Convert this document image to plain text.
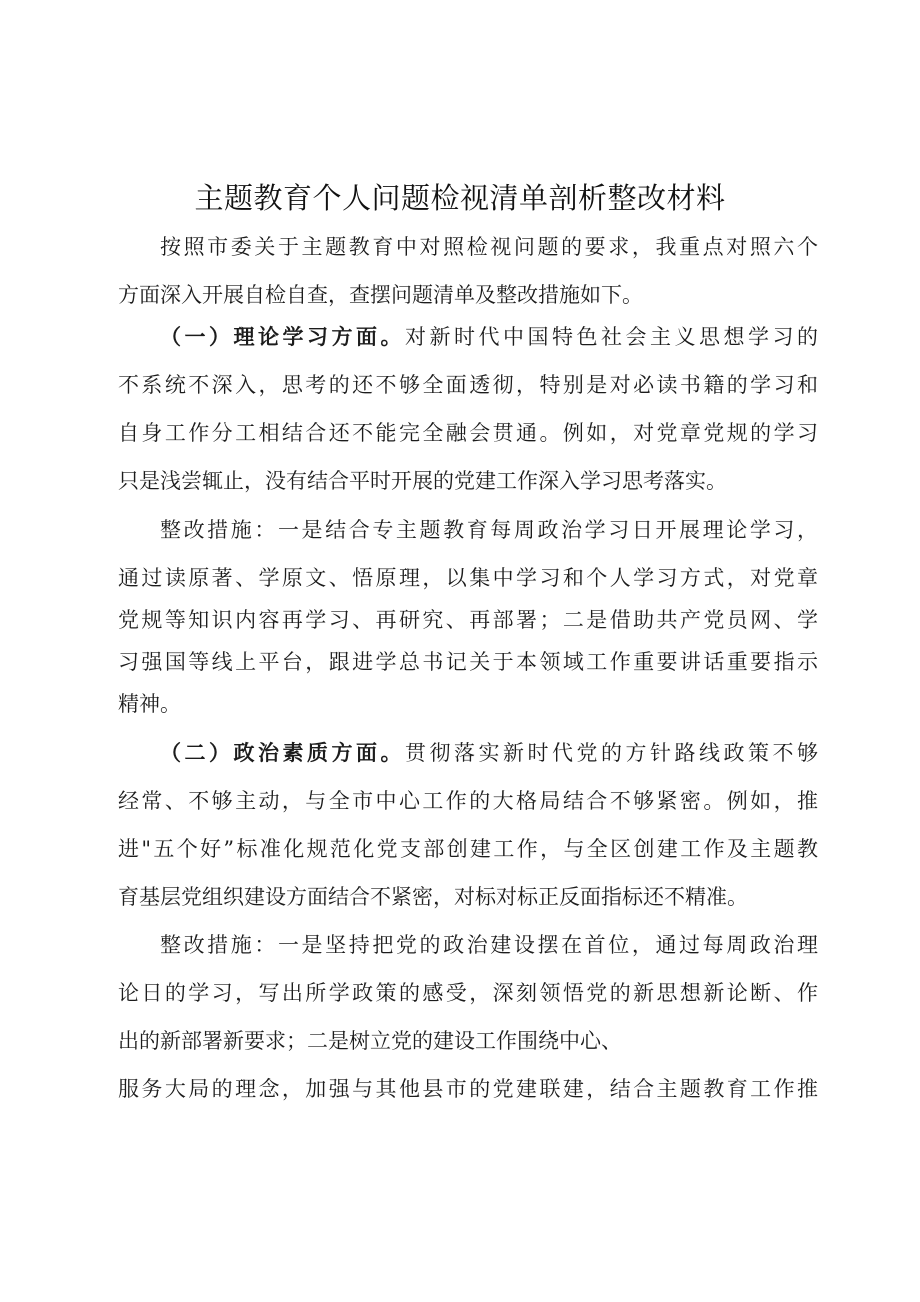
主题教育个人问题检视清单剖析整改材料
按照市委关于主题教育中对照检视问题的要求，我重点对照六个
方面深入开展自检自查，查摆问题清单及整改措施如下。
（一）理论学习方面。对新时代中国特色社会主义思想学习的
不系统不深入，思考的还不够全面透彻，特别是对必读书籍的学习和
自身工作分工相结合还不能完全融会贯通。例如，对党章党规的学习
只是浅尝辄止，没有结合平时开展的党建工作深入学习思考落实。
整改措施：一是结合专主题教育每周政治学习日开展理论学习，
通过读原著、学原文、悟原理，以集中学习和个人学习方式，对党章
党规等知识内容再学习、再研究、再部署；二是借助共产党员网、学
习强国等线上平台，跟进学总书记关于本领域工作重要讲话重要指示
精神。
（二）政治素质方面。贯彻落实新时代党的方针路线政策不够
经常、不够主动，与全市中心工作的大格局结合不够紧密。例如，推
进"五个好”标准化规范化党支部创建工作，与全区创建工作及主题教
育基层党组织建设方面结合不紧密，对标对标正反面指标还不精准。
整改措施：一是坚持把党的政治建设摆在首位，通过每周政治理
论日的学习，写出所学政策的感受，深刻领悟党的新思想新论断、作
出的新部署新要求；二是树立党的建设工作围绕中心、
服务大局的理念，加强与其他县市的党建联建，结合主题教育工作推
